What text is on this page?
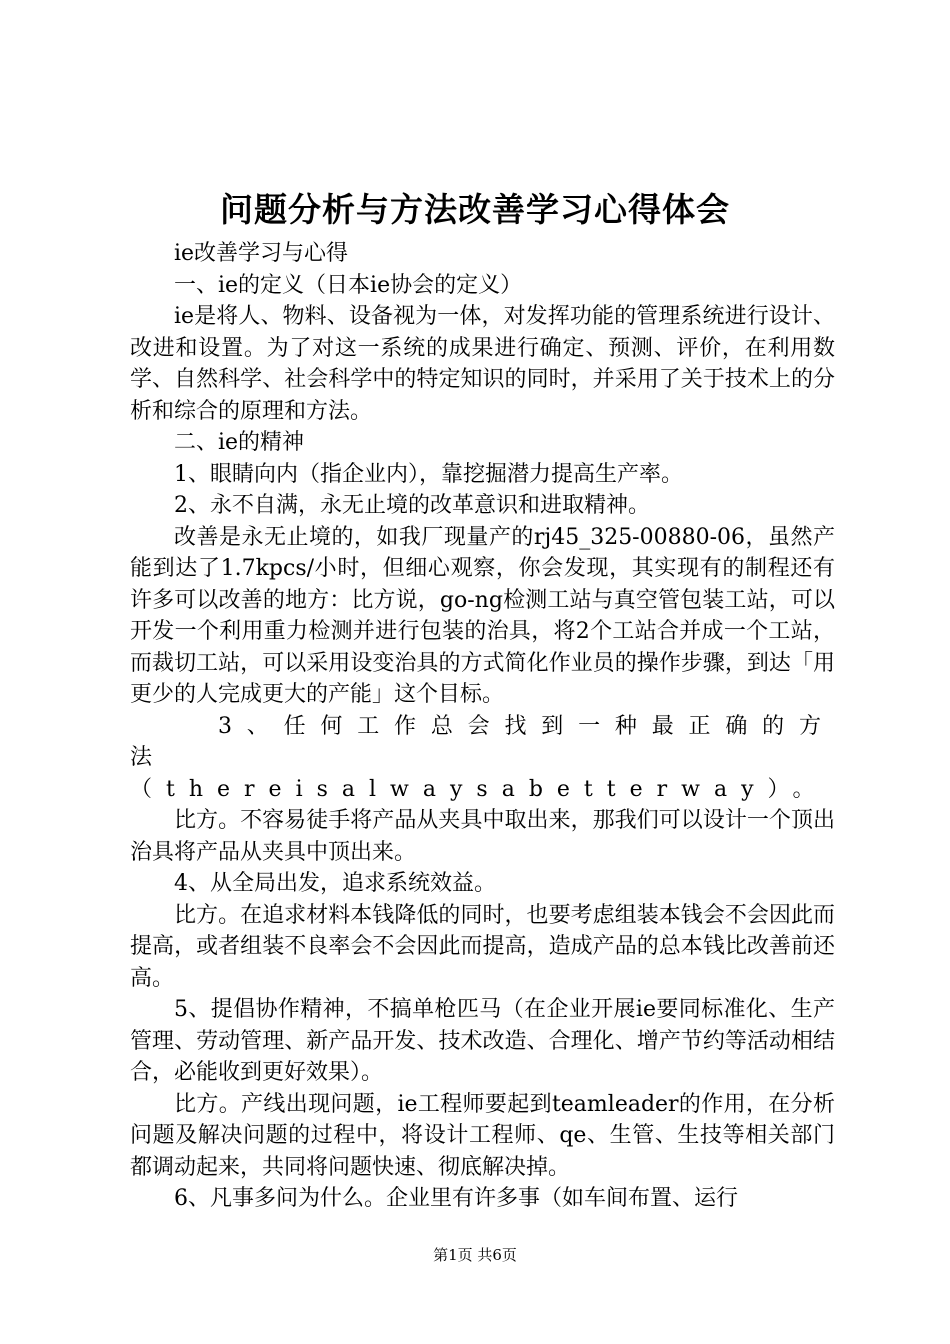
问题分析与方法改善学习心得体会

ie改善学习与心得

一、ie的定义（日本ie协会的定义）

ie是将人、物料、设备视为一体，对发挥功能的管理系统进行设计、改进和设置。为了对这一系统的成果进行确定、预测、评价，在利用数学、自然科学、社会科学中的特定知识的同时，并采用了关于技术上的分析和综合的原理和方法。

二、ie的精神

1、眼睛向内（指企业内），靠挖掘潜力提高生产率。

2、永不自满，永无止境的改革意识和进取精神。

改善是永无止境的，如我厂现量产的rj45_325-00880-06，虽然产能到达了1.7kpcs/小时，但细心观察，你会发现，其实现有的制程还有许多可以改善的地方：比方说，go-ng检测工站与真空管包装工站，可以开发一个利用重力检测并进行包装的治具，将2个工站合并成一个工站，而裁切工站，可以采用设变治具的方式简化作业员的操作步骤，到达「用更少的人完成更大的产能」这个目标。

3、任何工作总会找到一种最正确的方法（thereisalwaysabetterway）。

比方。不容易徒手将产品从夹具中取出来，那我们可以设计一个顶出治具将产品从夹具中顶出来。

4、从全局出发，追求系统效益。

比方。在追求材料本钱降低的同时，也要考虑组装本钱会不会因此而提高，或者组装不良率会不会因此而提高，造成产品的总本钱比改善前还高。

5、提倡协作精神，不搞单枪匹马（在企业开展ie要同标准化、生产管理、劳动管理、新产品开发、技术改造、合理化、增产节约等活动相结合，必能收到更好效果）。

比方。产线出现问题，ie工程师要起到teamleader的作用，在分析问题及解决问题的过程中，将设计工程师、qe、生管、生技等相关部门都调动起来，共同将问题快速、彻底解决掉。

6、凡事多问为什么。企业里有许多事（如车间布置、运行

第1页 共6页
